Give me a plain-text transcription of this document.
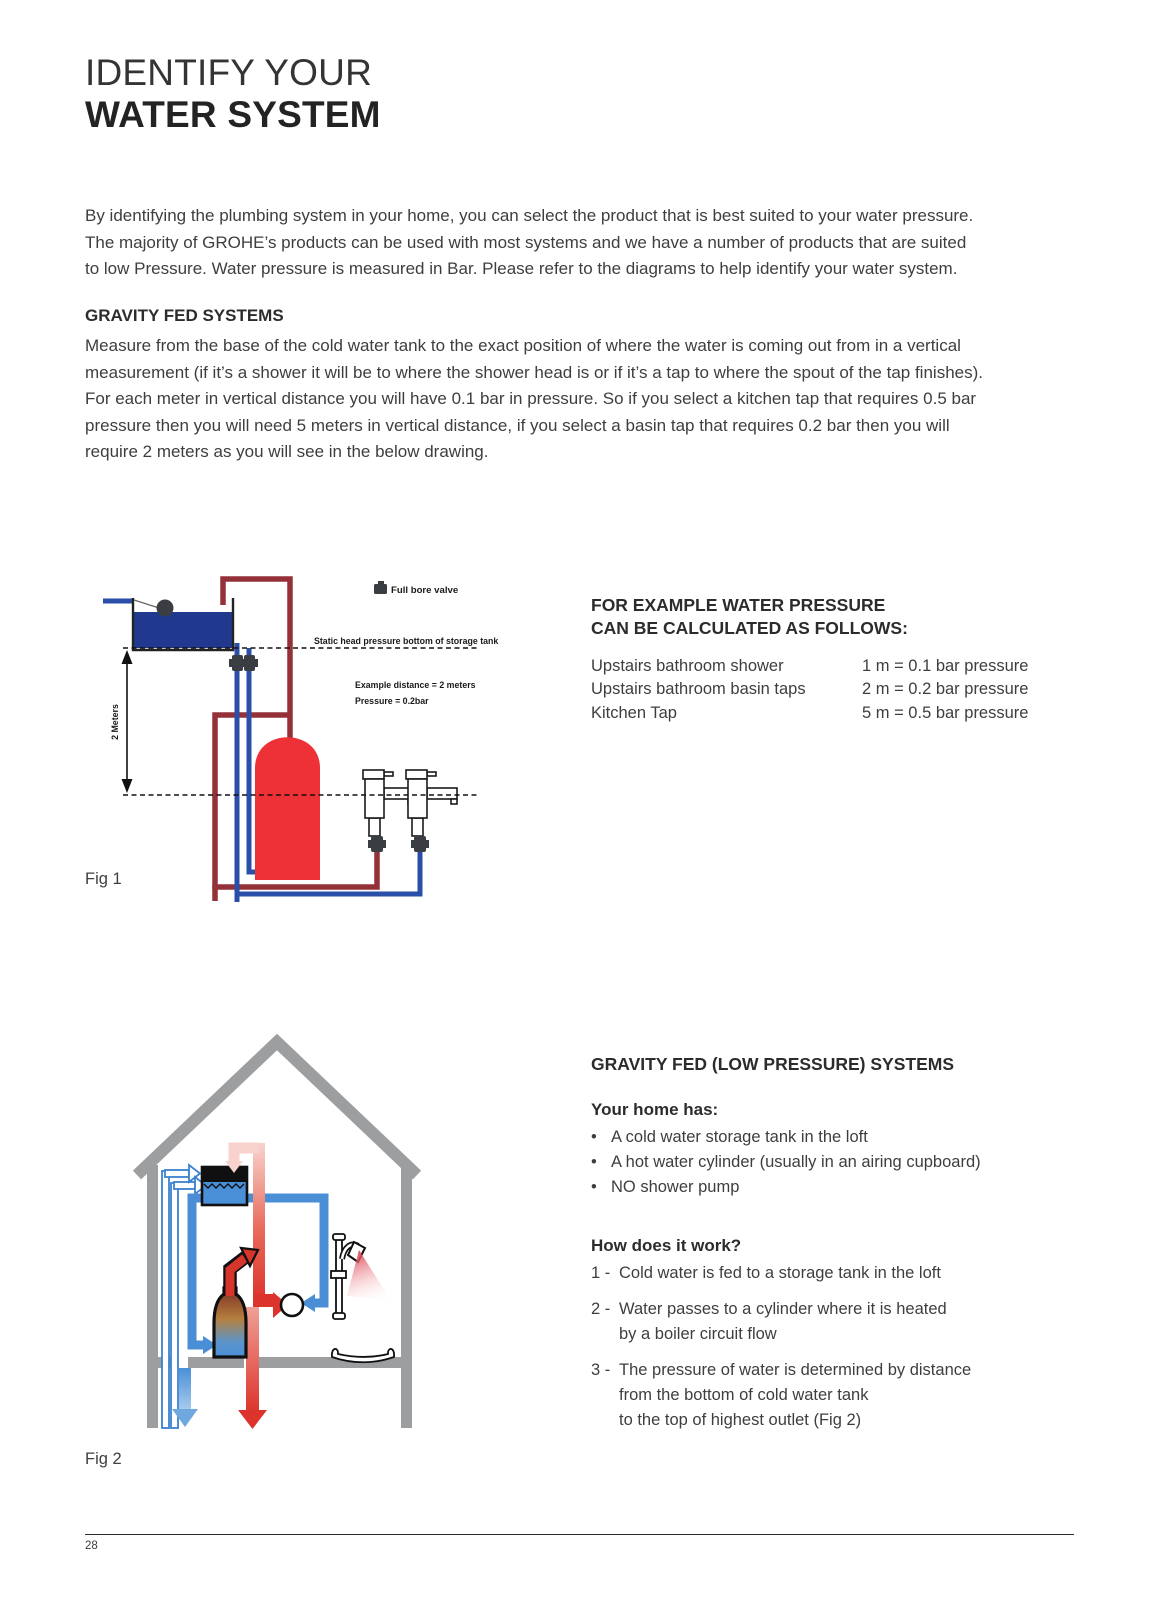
IDENTIFY YOUR
WATER SYSTEM
By identifying the plumbing system in your home, you can select the product that is best suited to your water pressure.
The majority of GROHE’s products can be used with most systems and we have a number of products that are suited
to low Pressure. Water pressure is measured in Bar. Please refer to the diagrams to help identify your water system.
GRAVITY FED SYSTEMS
Measure from the base of the cold water tank to the exact position of where the water is coming out from in a vertical
measurement (if it’s a shower it will be to where the shower head is or if it’s a tap to where the spout of the tap finishes).
For each meter in vertical distance you will have 0.1 bar in pressure. So if you select a kitchen tap that requires 0.5 bar
pressure then you will need 5 meters in vertical distance, if you select a basin tap that requires 0.2 bar then you will
require 2 meters as you will see in the below drawing.
2 Meters
Full bore valve
Static head pressure bottom of storage tank
Example distance = 2 meters
Pressure = 0.2bar
Fig 1
FOR EXAMPLE WATER PRESSURE
CAN BE CALCULATED AS FOLLOWS:
Upstairs bathroom shower	1 m = 0.1 bar pressure
Upstairs bathroom basin taps	2 m = 0.2 bar pressure
Kitchen Tap	5 m = 0.5 bar pressure
Fig 2
GRAVITY FED (LOW PRESSURE) SYSTEMS
Your home has:
• A cold water storage tank in the loft
• A hot water cylinder (usually in an airing cupboard)
• NO shower pump
How does it work?
1 - Cold water is fed to a storage tank in the loft
2 - Water passes to a cylinder where it is heated
by a boiler circuit flow
3 - The pressure of water is determined by distance
from the bottom of cold water tank
to the top of highest outlet (Fig 2)
28
